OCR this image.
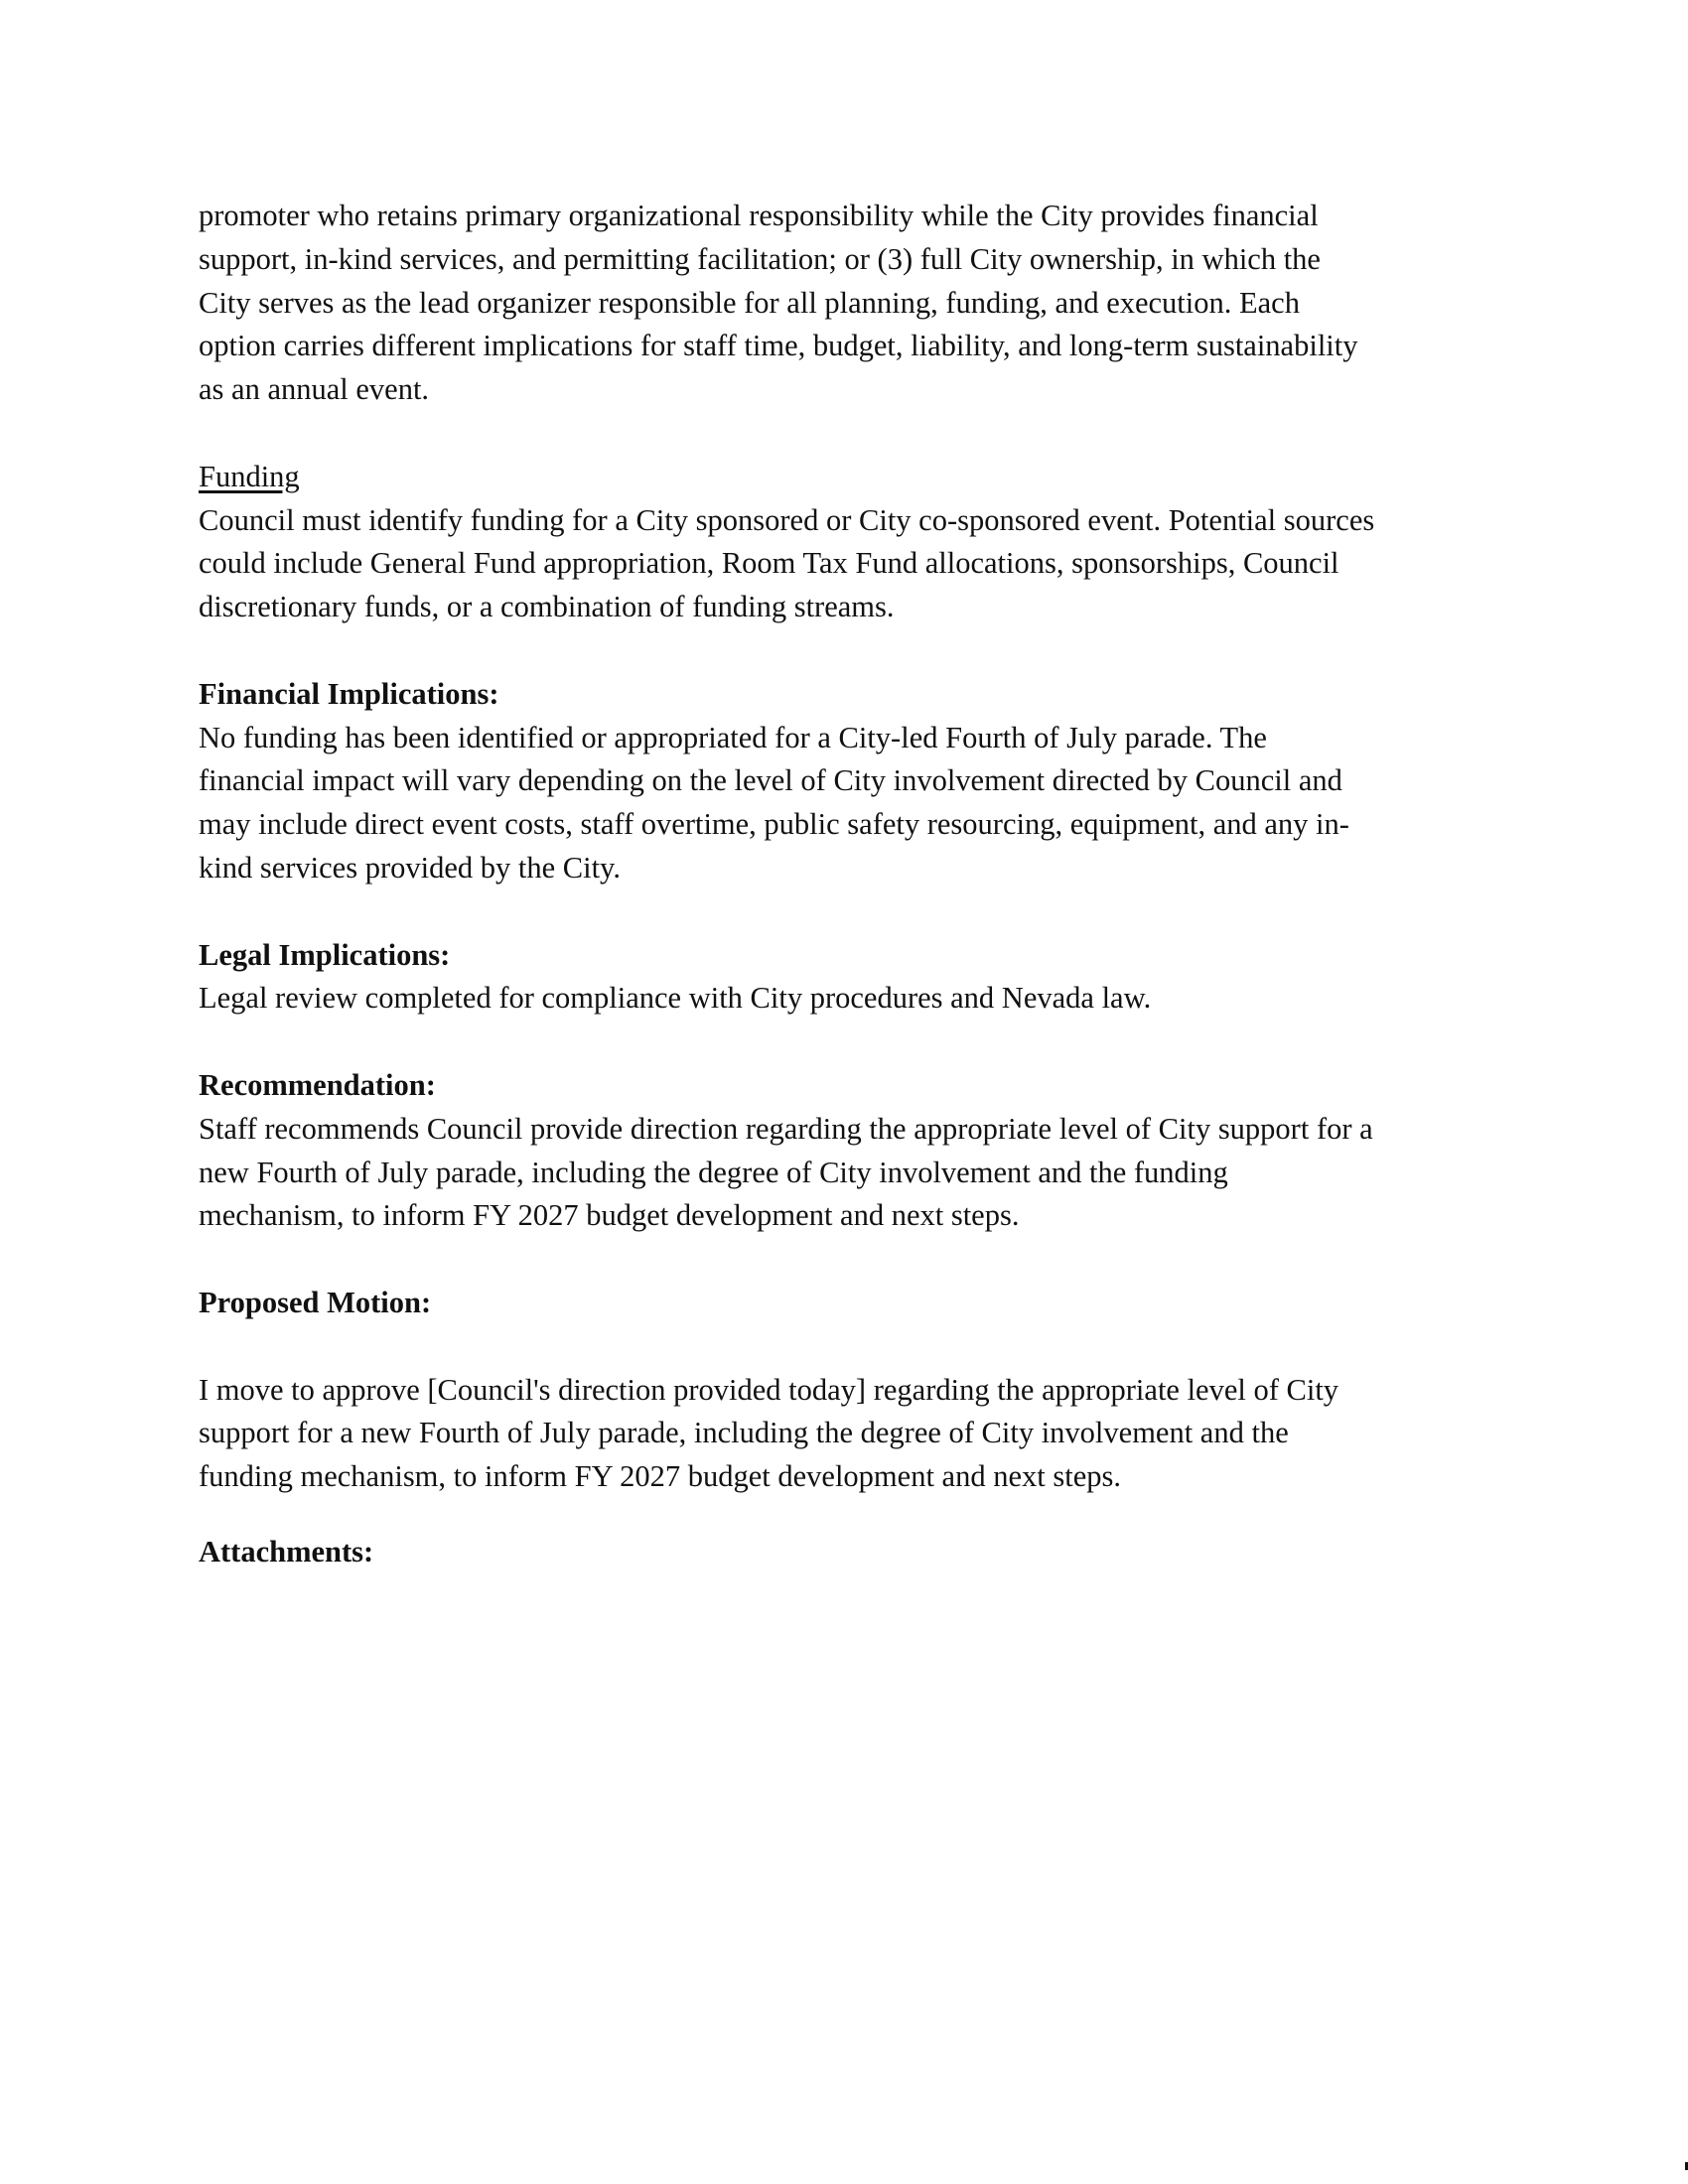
promoter who retains primary organizational responsibility while the City provides financial
support, in-kind services, and permitting facilitation; or (3) full City ownership, in which the
City serves as the lead organizer responsible for all planning, funding, and execution. Each
option carries different implications for staff time, budget, liability, and long-term sustainability
as an annual event.

Funding

Council must identify funding for a City sponsored or City co-sponsored event. Potential sources
could include General Fund appropriation, Room Tax Fund allocations, sponsorships, Council
discretionary funds, or a combination of funding streams.

Financial Implications:

No funding has been identified or appropriated for a City-led Fourth of July parade. The
financial impact will vary depending on the level of City involvement directed by Council and
may include direct event costs, staff overtime, public safety resourcing, equipment, and any in-
kind services provided by the City.

Legal Implications:

Legal review completed for compliance with City procedures and Nevada law.

Recommendation:

Staff recommends Council provide direction regarding the appropriate level of City support for a
new Fourth of July parade, including the degree of City involvement and the funding
mechanism, to inform FY 2027 budget development and next steps.

Proposed Motion:

I move to approve [Council's direction provided today] regarding the appropriate level of City
support for a new Fourth of July parade, including the degree of City involvement and the
funding mechanism, to inform FY 2027 budget development and next steps.

Attachments:
